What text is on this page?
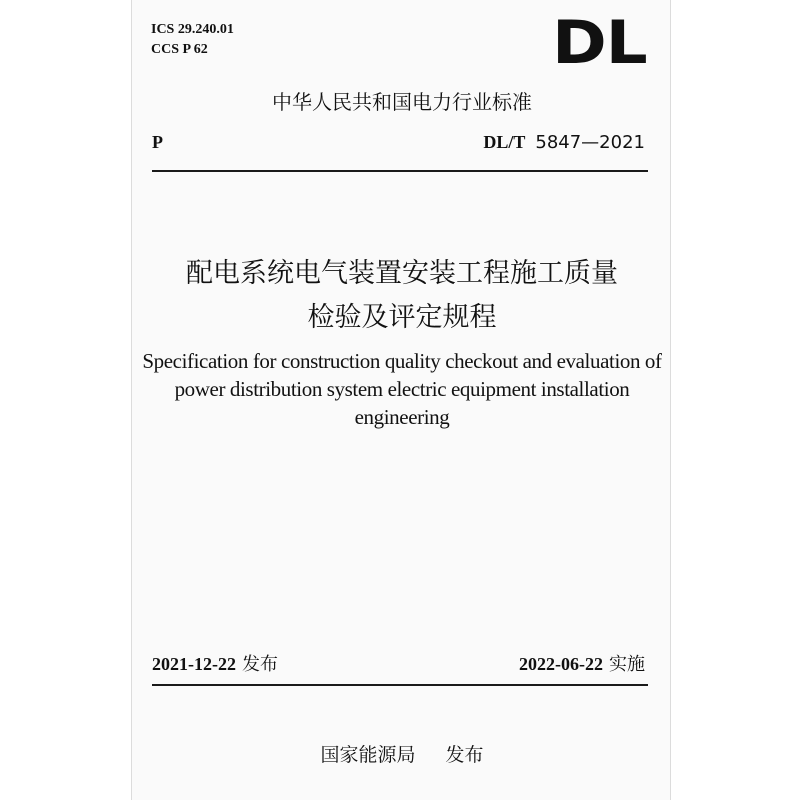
ICS 29.240.01
CCS P 62	DL
中华人民共和国电力行业标准
P	DL/T 5847—2021
配电系统电气装置安装工程施工质量
检验及评定规程
Specification for construction quality checkout and evaluation of
power distribution system electric equipment installation engineering
2021-12-22 发布	2022-06-22 实施
国家能源局 发布
